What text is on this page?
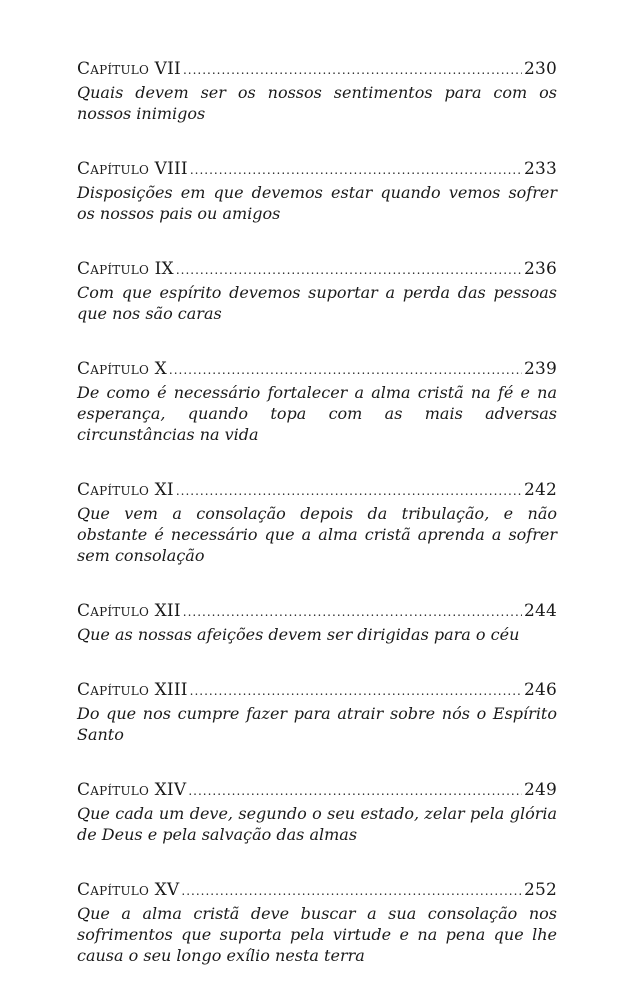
Capítulo VII .....	230
Quais devem ser os nossos sentimentos para com os nossos inimigos
Capítulo VIII .....	233
Disposições em que devemos estar quando vemos sofrer os nossos pais ou amigos
Capítulo IX .....	236
Com que espírito devemos suportar a perda das pessoas que nos são caras
Capítulo X .....	239
De como é necessário fortalecer a alma cristã na fé e na esperança, quando topa com as mais adversas circunstâncias na vida
Capítulo XI .....	242
Que vem a consolação depois da tribulação, e não obstante é necessário que a alma cristã aprenda a sofrer sem consolação
Capítulo XII .....	244
Que as nossas afeições devem ser dirigidas para o céu
Capítulo XIII .....	246
Do que nos cumpre fazer para atrair sobre nós o Espírito Santo
Capítulo XIV .....	249
Que cada um deve, segundo o seu estado, zelar pela glória de Deus e pela salvação das almas
Capítulo XV .....	252
Que a alma cristã deve buscar a sua consolação nos sofrimentos que suporta pela virtude e na pena que lhe causa o seu longo exílio nesta terra
